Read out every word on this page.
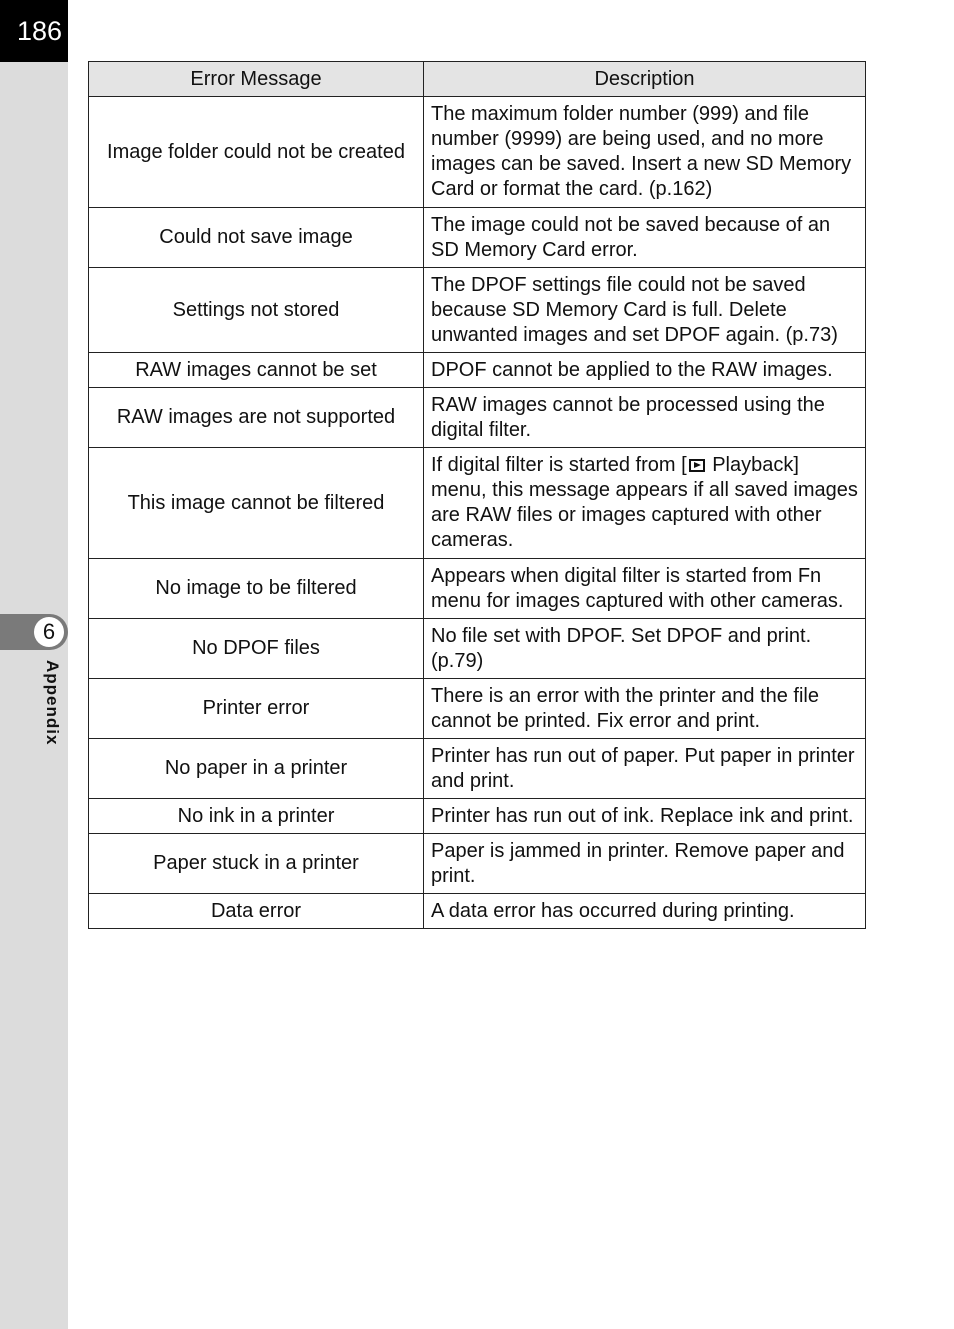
186
6
Appendix
Error Message	Description
Image folder could not be created	The maximum folder number (999) and file number (9999) are being used, and no more images can be saved. Insert a new SD Memory Card or format the card. (p.162)
Could not save image	The image could not be saved because of an SD Memory Card error.
Settings not stored	The DPOF settings file could not be saved because SD Memory Card is full. Delete unwanted images and set DPOF again. (p.73)
RAW images cannot be set	DPOF cannot be applied to the RAW images.
RAW images are not supported	RAW images cannot be processed using the digital filter.
This image cannot be filtered	If digital filter is started from [ Playback] menu, this message appears if all saved images are RAW files or images captured with other cameras.
No image to be filtered	Appears when digital filter is started from Fn menu for images captured with other cameras.
No DPOF files	No file set with DPOF. Set DPOF and print. (p.79)
Printer error	There is an error with the printer and the file cannot be printed. Fix error and print.
No paper in a printer	Printer has run out of paper. Put paper in printer and print.
No ink in a printer	Printer has run out of ink. Replace ink and print.
Paper stuck in a printer	Paper is jammed in printer. Remove paper and print.
Data error	A data error has occurred during printing.
